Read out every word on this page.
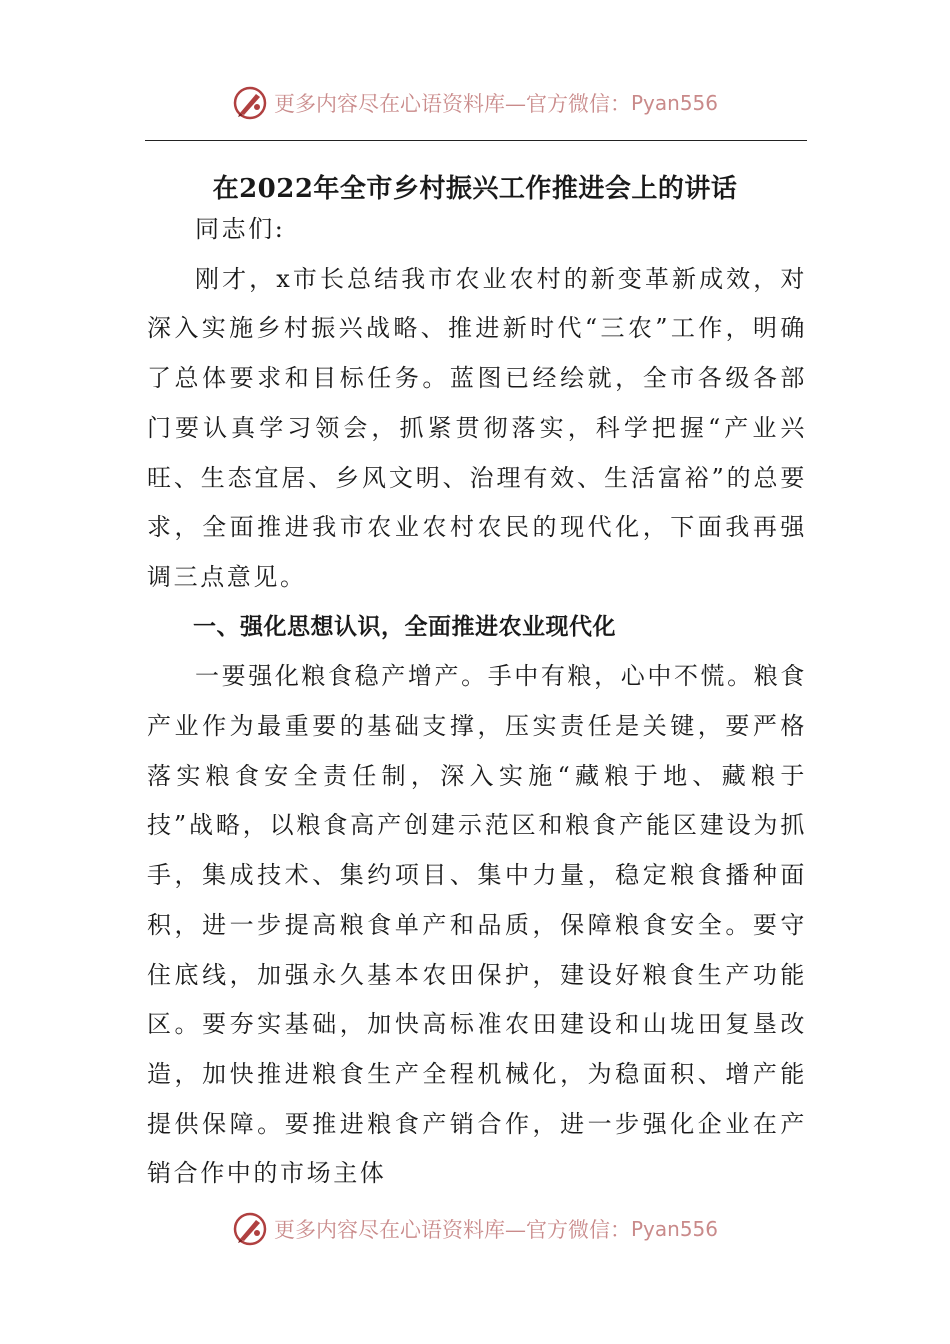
更多内容尽在心语资料库—官方微信： Pyan556
在2022年全市乡村振兴工作推进会上的讲话

同志们:

刚才，x市长总结我市农业农村的新变革新成效，对深入实施乡村振兴战略、推进新时代“三农”工作，明确了总体要求和目标任务。蓝图已经绘就，全市各级各部门要认真学习领会，抓紧贯彻落实，科学把握“产业兴旺、生态宜居、乡风文明、治理有效、生活富裕”的总要求，全面推进我市农业农村农民的现代化，下面我再强调三点意见。

一、强化思想认识，全面推进农业现代化

一要强化粮食稳产增产。手中有粮，心中不慌。粮食产业作为最重要的基础支撑，压实责任是关键，要严格落实粮食安全责任制，深入实施“藏粮于地、藏粮于技”战略，以粮食高产创建示范区和粮食产能区建设为抓手，集成技术、集约项目、集中力量，稳定粮食播种面积，进一步提高粮食单产和品质，保障粮食安全。要守住底线，加强永久基本农田保护，建设好粮食生产功能区。要夯实基础，加快高标准农田建设和山垅田复垦改造，加快推进粮食生产全程机械化，为稳面积、增产能提供保障。要推进粮食产销合作，进一步强化企业在产销合作中的市场主体

更多内容尽在心语资料库—官方微信： Pyan556
